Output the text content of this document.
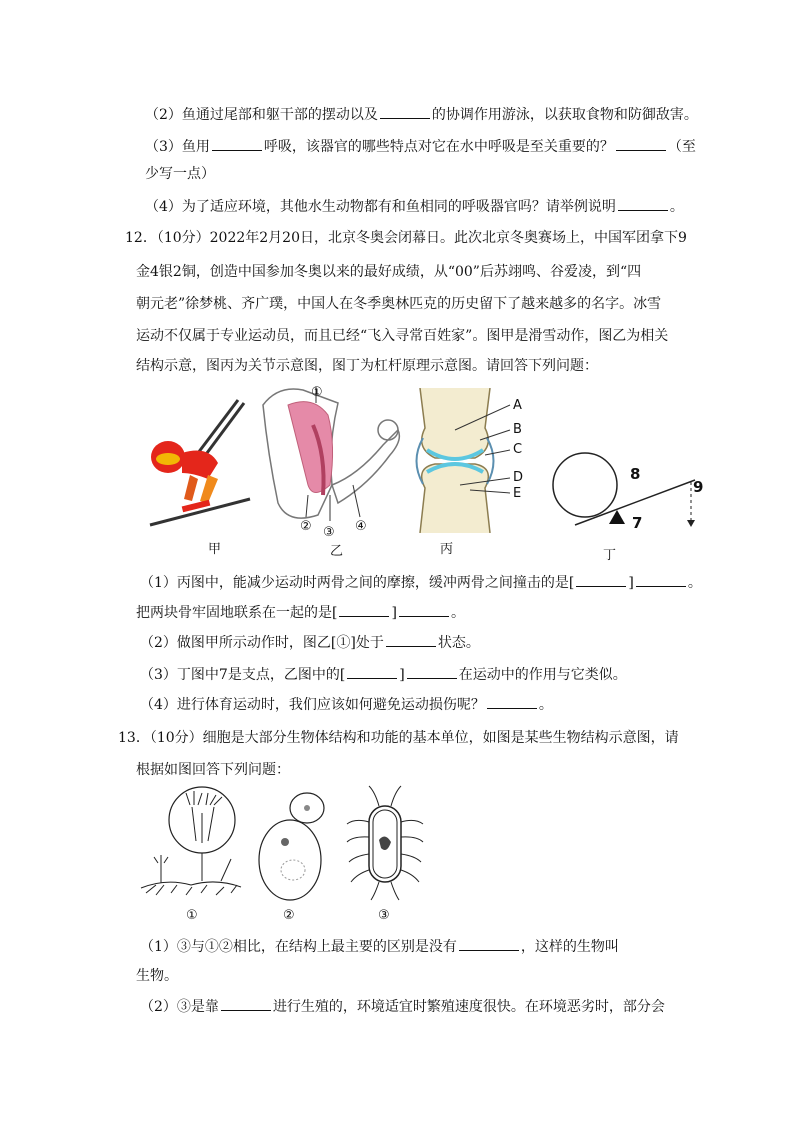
（2）鱼通过尾部和躯干部的摆动以及	的协调作用游泳，以获取食物和防御敌害。
（3）鱼用	呼吸，该器官的哪些特点对它在水中呼吸是至关重要的？	（至
少写一点）
（4）为了适应环境，其他水生动物都有和鱼相同的呼吸器官吗？请举例说明	。
12．（10分）2022年2月20日，北京冬奥会闭幕日。此次北京冬奥赛场上，中国军团拿下9
金4银2铜，创造中国参加冬奥以来的最好成绩，从“00”后苏翊鸣、谷爱凌，到“四
朝元老”徐梦桃、齐广璞，中国人在冬季奥林匹克的历史留下了越来越多的名字。冰雪
运动不仅属于专业运动员，而且已经“飞入寻常百姓家”。图甲是滑雪动作，图乙为相关
结构示意，图丙为关节示意图，图丁为杠杆原理示意图。请回答下列问题：
甲
①
② ③ ④
乙
A
B
C
D
E
丙
8
9
7
丁
（1）丙图中，能减少运动时两骨之间的摩擦，缓冲两骨之间撞击的是[	]	。
把两块骨牢固地联系在一起的是[	]	。
（2）做图甲所示动作时，图乙[①]处于	状态。
（3）丁图中7是支点，乙图中的[	]	在运动中的作用与它类似。
（4）进行体育运动时，我们应该如何避免运动损伤呢？	。
13．（10分）细胞是大部分生物体结构和功能的基本单位，如图是某些生物结构示意图，请
根据如图回答下列问题：
①	②	③
（1）③与①②相比，在结构上最主要的区别是没有	，这样的生物叫
生物。
（2）③是靠	进行生殖的，环境适宜时繁殖速度很快。在环境恶劣时，部分会
